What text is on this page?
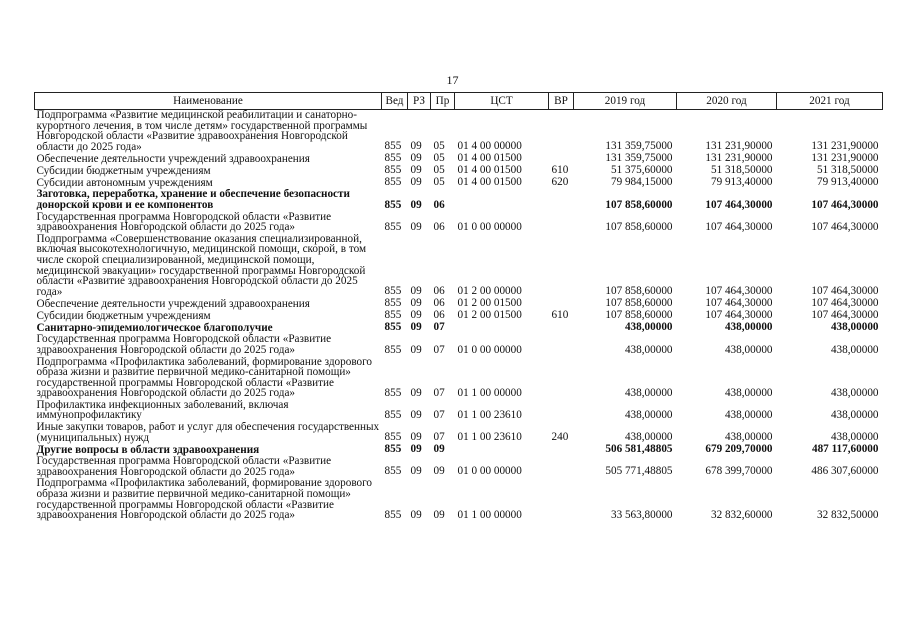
17
Наименование	Вед	РЗ	Пр	ЦСТ	ВР	2019 год	2020 год	2021 год
Подпрограмма «Развитие медицинской реабилитации и санаторно-курортного лечения, в том числе детям» государственной программы Новгородской области «Развитие здравоохранения Новгородской области до 2025 года»	855	09	05	01 4 00 00000		131 359,75000	131 231,90000	131 231,90000
Обеспечение деятельности учреждений здравоохранения	855	09	05	01 4 00 01500		131 359,75000	131 231,90000	131 231,90000
Субсидии бюджетным учреждениям	855	09	05	01 4 00 01500	610	51 375,60000	51 318,50000	51 318,50000
Субсидии автономным учреждениям	855	09	05	01 4 00 01500	620	79 984,15000	79 913,40000	79 913,40000
Заготовка, переработка, хранение и обеспечение безопасности донорской крови и ее компонентов	855	09	06			107 858,60000	107 464,30000	107 464,30000
Государственная программа Новгородской области «Развитие здравоохранения Новгородской области до 2025 года»	855	09	06	01 0 00 00000		107 858,60000	107 464,30000	107 464,30000
Подпрограмма «Совершенствование оказания специализированной, включая высокотехнологичную, медицинской помощи, скорой, в том числе скорой специализированной, медицинской помощи, медицинской эвакуации» государственной программы Новгородской области «Развитие здравоохранения Новгородской области до 2025 года»	855	09	06	01 2 00 00000		107 858,60000	107 464,30000	107 464,30000
Обеспечение деятельности учреждений здравоохранения	855	09	06	01 2 00 01500		107 858,60000	107 464,30000	107 464,30000
Субсидии бюджетным учреждениям	855	09	06	01 2 00 01500	610	107 858,60000	107 464,30000	107 464,30000
Санитарно-эпидемиологическое благополучие	855	09	07			438,00000	438,00000	438,00000
Государственная программа Новгородской области «Развитие здравоохранения Новгородской области до 2025 года»	855	09	07	01 0 00 00000		438,00000	438,00000	438,00000
Подпрограмма «Профилактика заболеваний, формирование здорового образа жизни и развитие первичной медико-санитарной помощи» государственной программы Новгородской области «Развитие здравоохранения Новгородской области до 2025 года»	855	09	07	01 1 00 00000		438,00000	438,00000	438,00000
Профилактика инфекционных заболеваний, включая иммунопрофилактику	855	09	07	01 1 00 23610		438,00000	438,00000	438,00000
Иные закупки товаров, работ и услуг для обеспечения государственных (муниципальных) нужд	855	09	07	01 1 00 23610	240	438,00000	438,00000	438,00000
Другие вопросы в области здравоохранения	855	09	09			506 581,48805	679 209,70000	487 117,60000
Государственная программа Новгородской области «Развитие здравоохранения Новгородской области до 2025 года»	855	09	09	01 0 00 00000		505 771,48805	678 399,70000	486 307,60000
Подпрограмма «Профилактика заболеваний, формирование здорового образа жизни и развитие первичной медико-санитарной помощи» государственной программы Новгородской области «Развитие здравоохранения Новгородской области до 2025 года»	855	09	09	01 1 00 00000		33 563,80000	32 832,60000	32 832,50000
